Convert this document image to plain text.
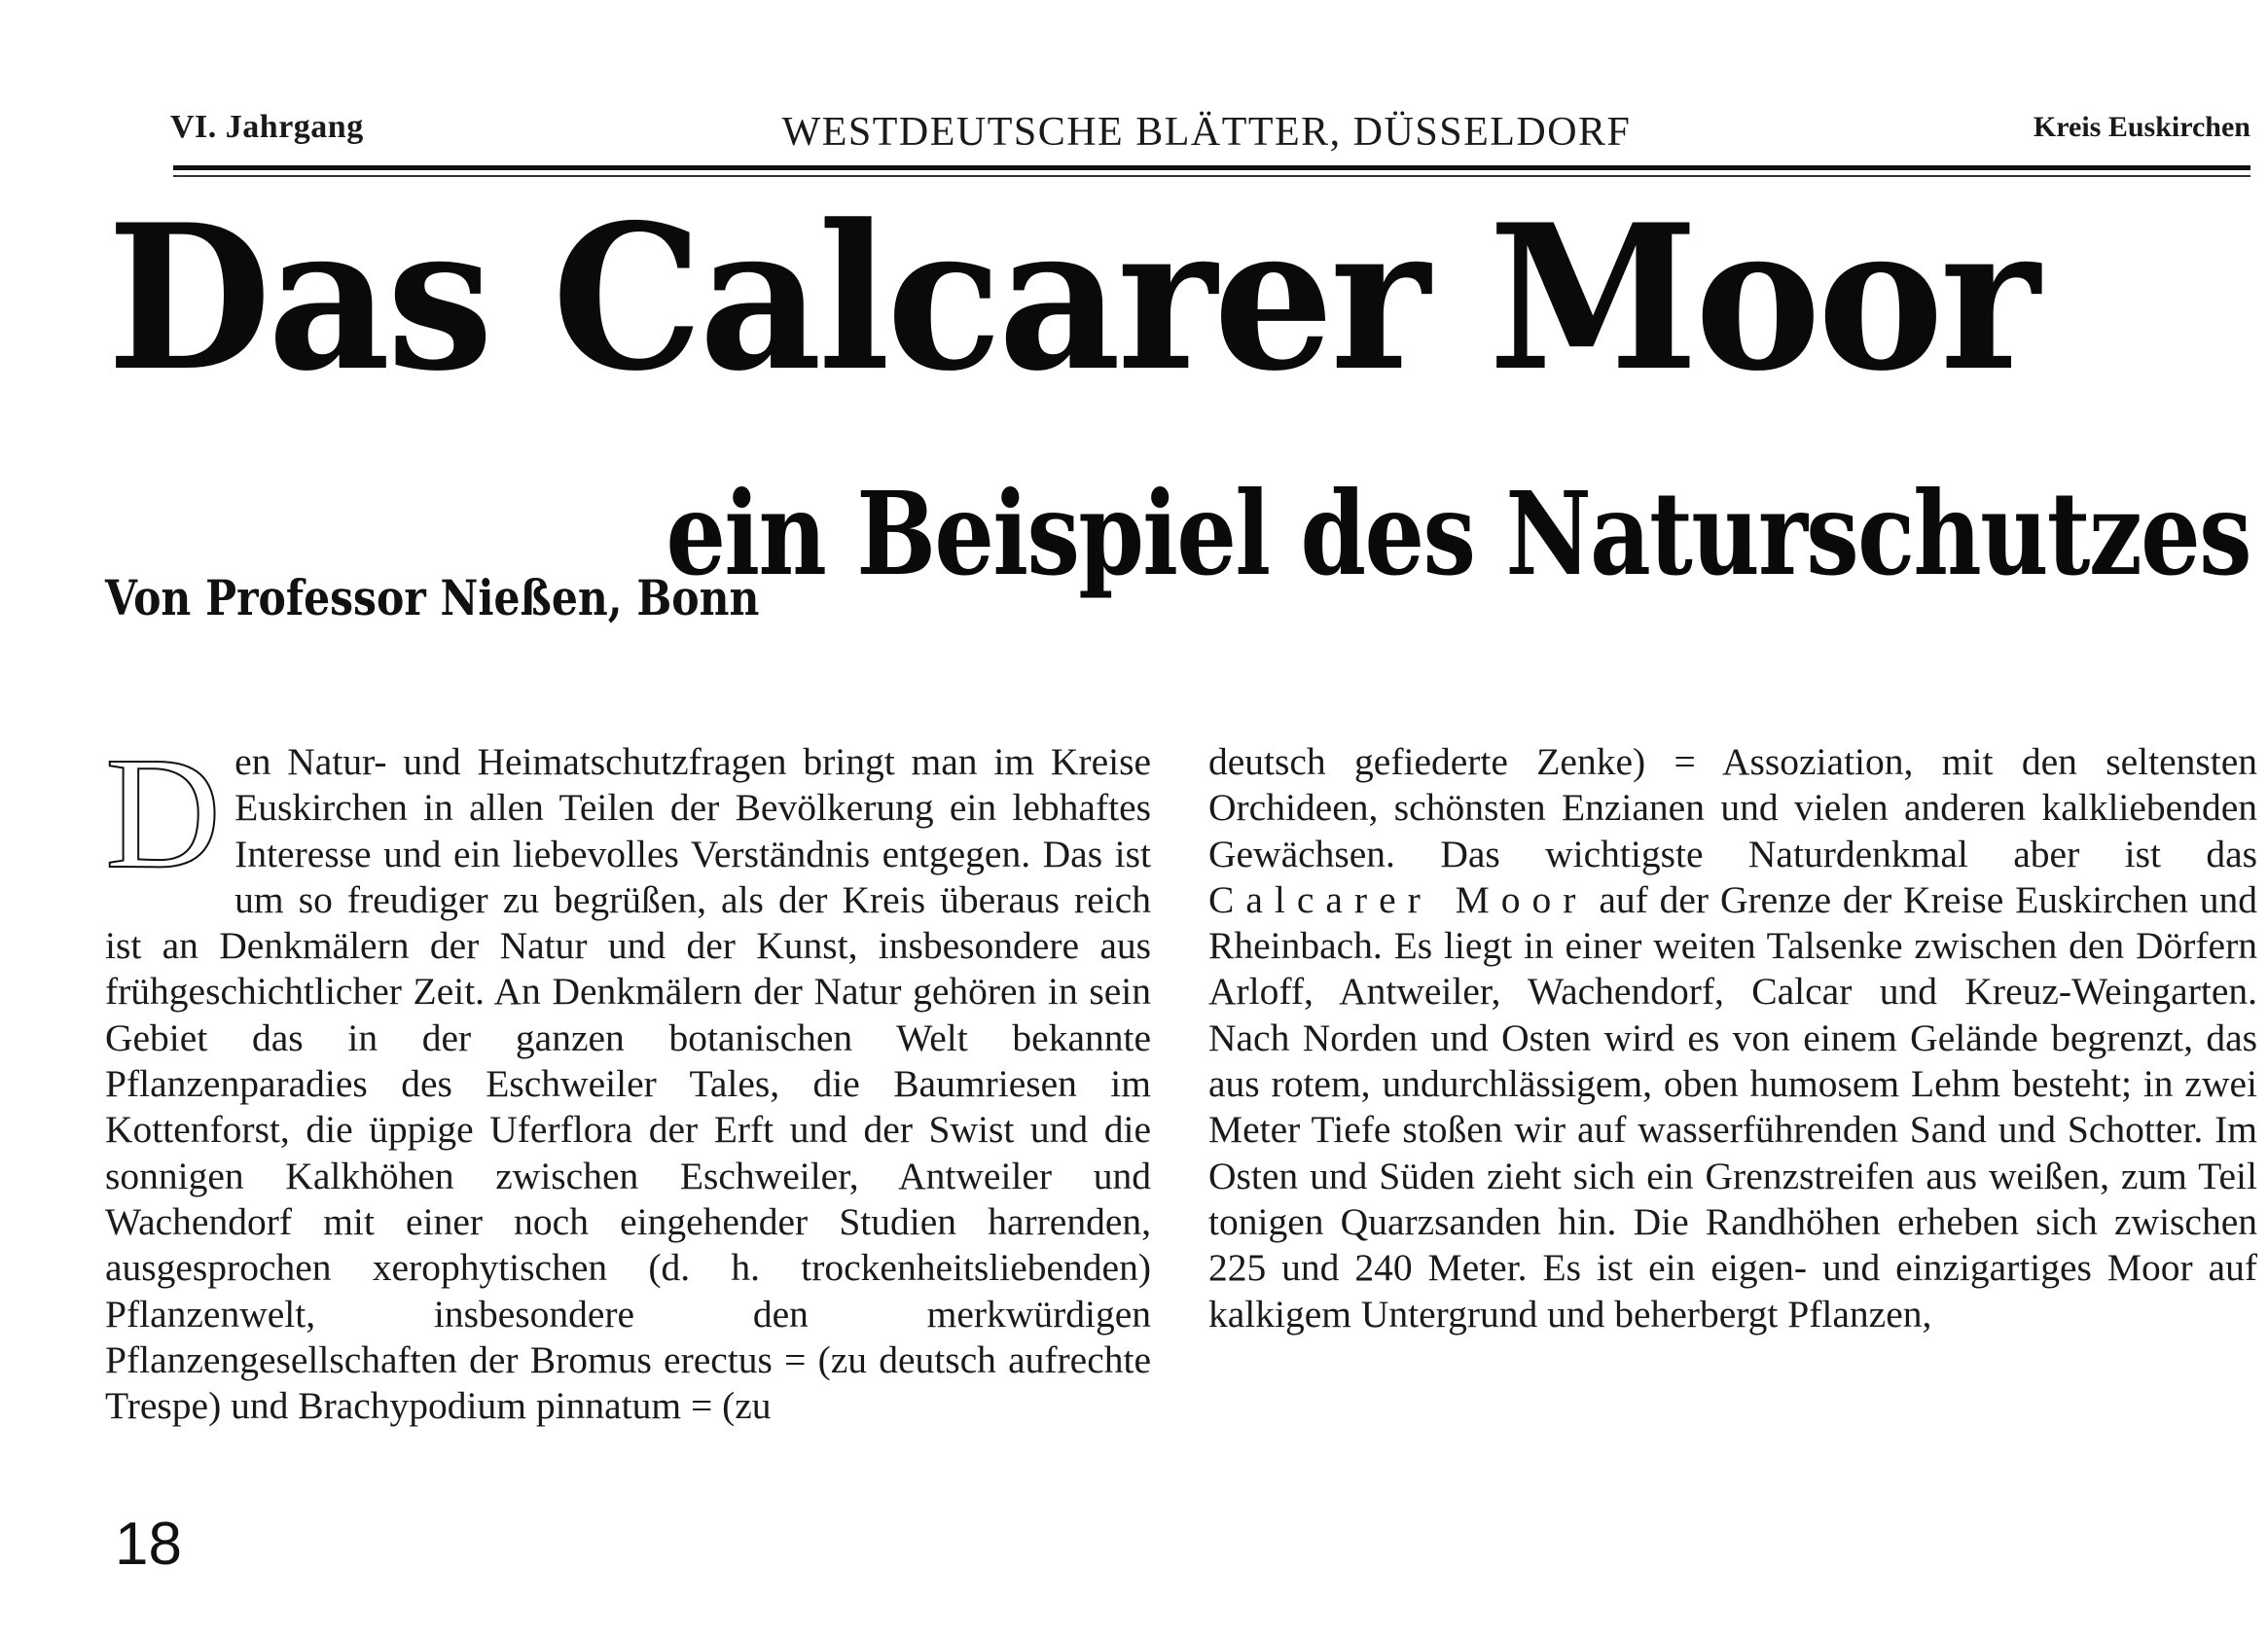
VI. Jahrgang	WESTDEUTSCHE BLÄTTER, DÜSSELDORF	Kreis Euskirchen
Das Calcarer Moor
ein Beispiel des Naturschutzes
Von Professor Nießen, Bonn
Den Natur- und Heimatschutzfragen bringt man im Kreise Euskirchen in allen Teilen der Bevölkerung ein lebhaftes Interesse und ein liebevolles Verständnis entgegen. Das ist um so freudiger zu begrüßen, als der Kreis überaus reich ist an Denkmälern der Natur und der Kunst, insbesondere aus frühgeschichtlicher Zeit. An Denkmälern der Natur gehören in sein Gebiet das in der ganzen botanischen Welt bekannte Pflanzenparadies des Eschweiler Tales, die Baumriesen im Kottenforst, die üppige Uferflora der Erft und der Swist und die sonnigen Kalkhöhen zwischen Eschweiler, Antweiler und Wachendorf mit einer noch eingehender Studien harrenden, ausgesprochen xerophytischen (d. h. trockenheitsliebenden) Pflanzenwelt, insbesondere den merkwürdigen Pflanzengesellschaften der Bromus erectus = (zu deutsch aufrechte Trespe) und Brachypodium pinnatum = (zu
deutsch gefiederte Zenke) = Assoziation, mit den seltensten Orchideen, schönsten Enzianen und vielen anderen kalkliebenden Gewächsen. Das wichtigste Naturdenkmal aber ist das Calcarer Moor auf der Grenze der Kreise Euskirchen und Rheinbach. Es liegt in einer weiten Talsenke zwischen den Dörfern Arloff, Antweiler, Wachendorf, Calcar und Kreuz-Weingarten. Nach Norden und Osten wird es von einem Gelände begrenzt, das aus rotem, undurchlässigem, oben humosem Lehm besteht; in zwei Meter Tiefe stoßen wir auf wasserführenden Sand und Schotter. Im Osten und Süden zieht sich ein Grenzstreifen aus weißen, zum Teil tonigen Quarzsanden hin. Die Randhöhen erheben sich zwischen 225 und 240 Meter. Es ist ein eigen- und einzigartiges Moor auf kalkigem Untergrund und beherbergt Pflanzen,
18
